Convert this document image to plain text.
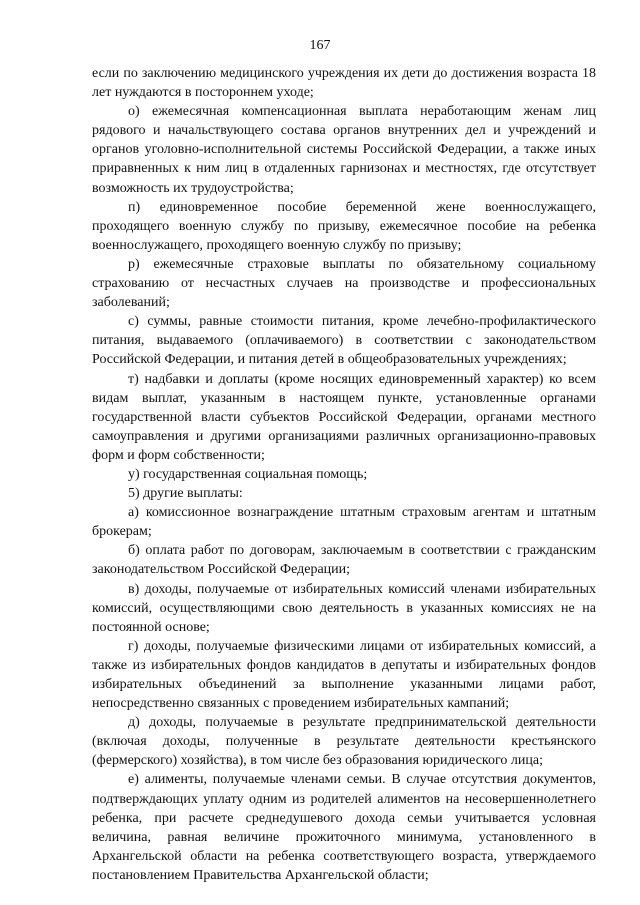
167

если по заключению медицинского учреждения их дети до достижения возраста 18 лет нуждаются в постороннем уходе;

о) ежемесячная компенсационная выплата неработающим женам лиц рядового и начальствующего состава органов внутренних дел и учреждений и органов уголовно-исполнительной системы Российской Федерации, а также иных приравненных к ним лиц в отдаленных гарнизонах и местностях, где отсутствует возможность их трудоустройства;

п) единовременное пособие беременной жене военнослужащего, проходящего военную службу по призыву, ежемесячное пособие на ребенка военнослужащего, проходящего военную службу по призыву;

р) ежемесячные страховые выплаты по обязательному социальному страхованию от несчастных случаев на производстве и профессиональных заболеваний;

с) суммы, равные стоимости питания, кроме лечебно-профилактического питания, выдаваемого (оплачиваемого) в соответствии с законодательством Российской Федерации, и питания детей в общеобразовательных учреждениях;

т) надбавки и доплаты (кроме носящих единовременный характер) ко всем видам выплат, указанным в настоящем пункте, установленные органами государственной власти субъектов Российской Федерации, органами местного самоуправления и другими организациями различных организационно-правовых форм и форм собственности;

у) государственная социальная помощь;

5) другие выплаты:

а) комиссионное вознаграждение штатным страховым агентам и штатным брокерам;

б) оплата работ по договорам, заключаемым в соответствии с гражданским законодательством Российской Федерации;

в) доходы, получаемые от избирательных комиссий членами избирательных комиссий, осуществляющими свою деятельность в указанных комиссиях не на постоянной основе;

г) доходы, получаемые физическими лицами от избирательных комиссий, а также из избирательных фондов кандидатов в депутаты и избирательных фондов избирательных объединений за выполнение указанными лицами работ, непосредственно связанных с проведением избирательных кампаний;

д) доходы, получаемые в результате предпринимательской деятельности (включая доходы, полученные в результате деятельности крестьянского (фермерского) хозяйства), в том числе без образования юридического лица;

е) алименты, получаемые членами семьи. В случае отсутствия документов, подтверждающих уплату одним из родителей алиментов на несовершеннолетнего ребенка, при расчете среднедушевого дохода семьи учитывается условная величина, равная величине прожиточного минимума, установленного в Архангельской области на ребенка соответствующего возраста, утверждаемого постановлением Правительства Архангельской области;
